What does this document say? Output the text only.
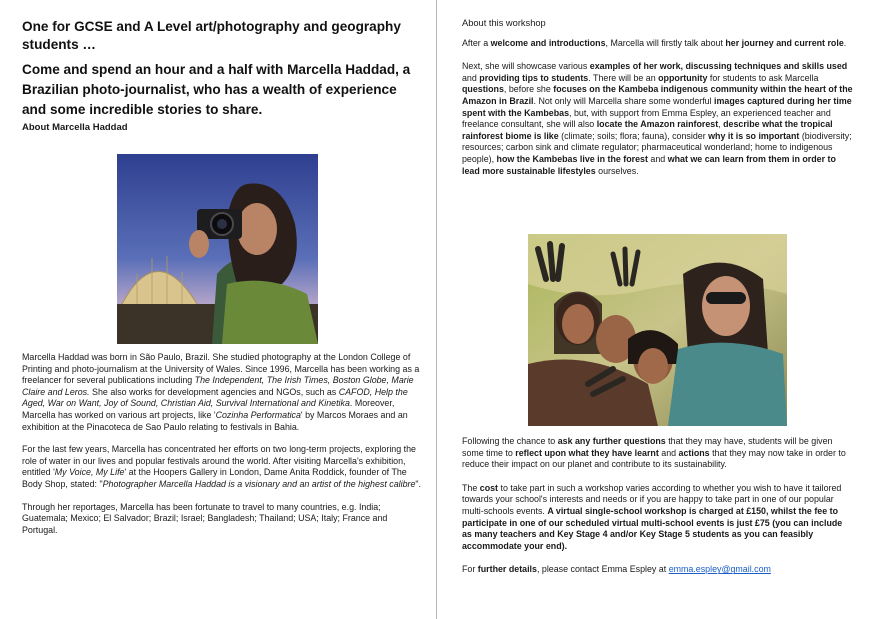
One for GCSE and A Level art/photography and geography students …
Come and spend an hour and a half with Marcella Haddad, a Brazilian photo-journalist, who has a wealth of experience and some incredible stories to share.
About Marcella Haddad

Marcella Haddad was born in São Paulo, Brazil. She studied photography at the London College of Printing and photo-journalism at the University of Wales. Since 1996, Marcella has been working as a freelancer for several publications including The Independent, The Irish Times, Boston Globe, Marie Claire and Leros. She also works for development agencies and NGOs, such as CAFOD, Help the Aged, War on Want, Joy of Sound, Christian Aid, Survival International and Kinetika. Moreover, Marcella has worked on various art projects, like 'Cozinha Performatica' by Marcos Moraes and an exhibition at the Pinacoteca de Sao Paulo relating to festivals in Bahia.

For the last few years, Marcella has concentrated her efforts on two long-term projects, exploring the role of water in our lives and popular festivals around the world. After visiting Marcella's exhibition, entitled 'My Voice, My Life' at the Hoopers Gallery in London, Dame Anita Roddick, founder of The Body Shop, stated: "Photographer Marcella Haddad is a visionary and an artist of the highest calibre".

Through her reportages, Marcella has been fortunate to travel to many countries, e.g. India; Guatemala; Mexico; El Salvador; Brazil; Israel; Bangladesh; Thailand; USA; Italy; France and Portugal.

About this workshop

After a welcome and introductions, Marcella will firstly talk about her journey and current role.

Next, she will showcase various examples of her work, discussing techniques and skills used and providing tips to students. There will be an opportunity for students to ask Marcella questions, before she focuses on the Kambeba indigenous community within the heart of the Amazon in Brazil. Not only will Marcella share some wonderful images captured during her time spent with the Kambebas, but, with support from Emma Espley, an experienced teacher and freelance consultant, she will also locate the Amazon rainforest, describe what the tropical rainforest biome is like (climate; soils; flora; fauna), consider why it is so important (biodiversity; resources; carbon sink and climate regulator; pharmaceutical wonderland; home to indigenous people), how the Kambebas live in the forest and what we can learn from them in order to lead more sustainable lifestyles ourselves.

Following the chance to ask any further questions that they may have, students will be given some time to reflect upon what they have learnt and actions that they may now take in order to reduce their impact on our planet and contribute to its sustainability.

The cost to take part in such a workshop varies according to whether you wish to have it tailored towards your school's interests and needs or if you are happy to take part in one of our popular multi-schools events. A virtual single-school workshop is charged at £150, whilst the fee to participate in one of our scheduled virtual multi-school events is just £75 (you can include as many teachers and Key Stage 4 and/or Key Stage 5 students as you can feasibly accommodate your end).

For further details, please contact Emma Espley at emma.espley@gmail.com
